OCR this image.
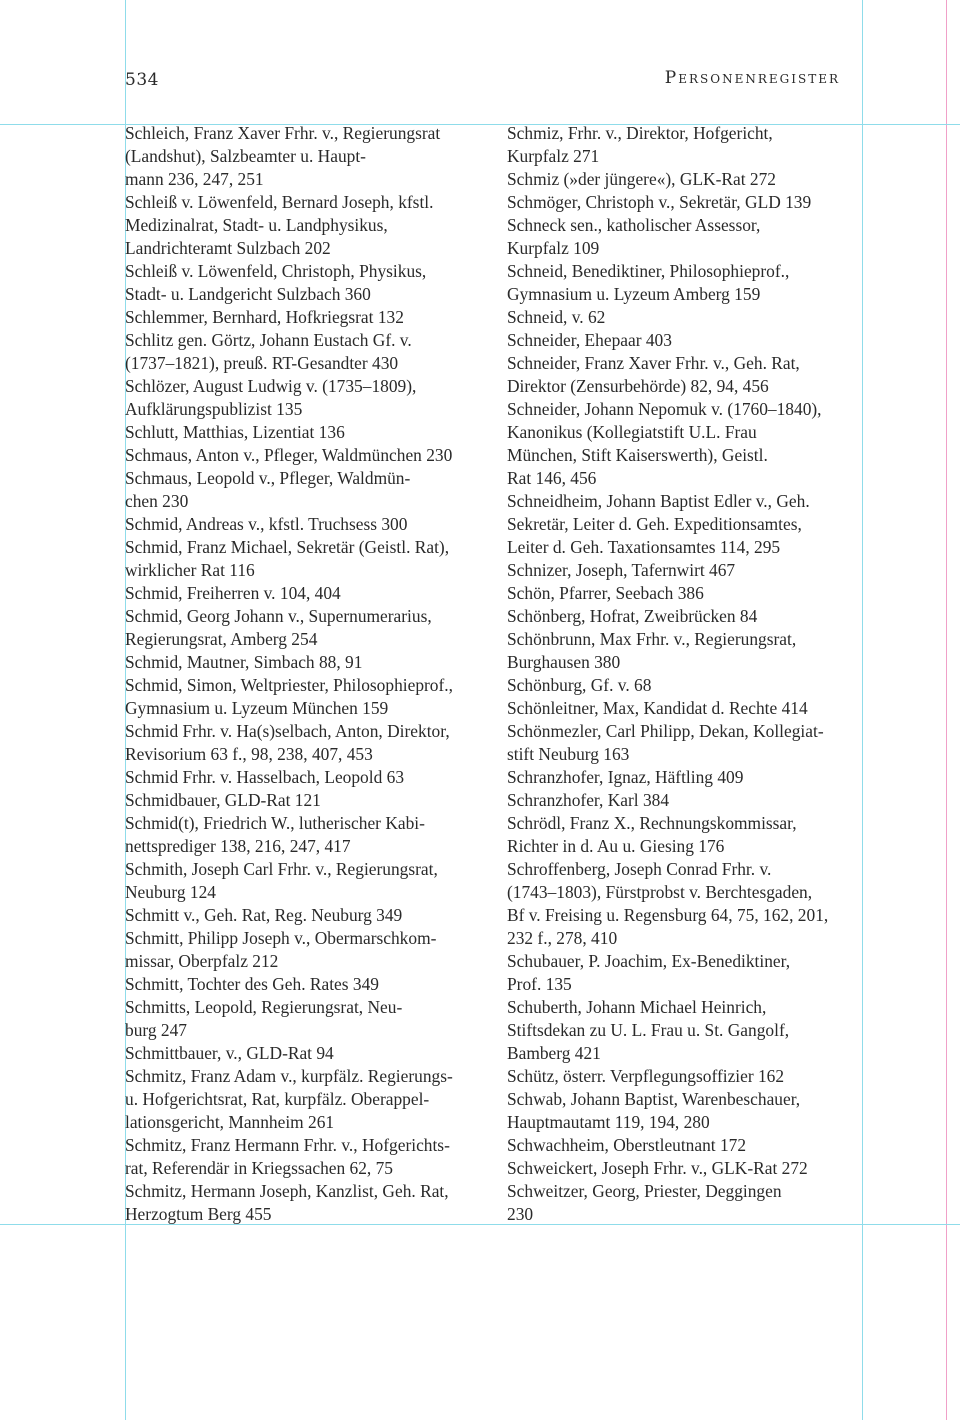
534	Personenregister
Schleich, Franz Xaver Frhr. v., Regierungsrat
(Landshut), Salzbeamter u. Haupt-
mann 236, 247, 251
Schleiß v. Löwenfeld, Bernard Joseph, kfstl.
Medizinalrat, Stadt- u. Landphysikus,
Landrichteramt Sulzbach 202
Schleiß v. Löwenfeld, Christoph, Physikus,
Stadt- u. Landgericht Sulzbach 360
Schlemmer, Bernhard, Hofkriegsrat 132
Schlitz gen. Görtz, Johann Eustach Gf. v.
(1737–1821), preuß. RT-Gesandter 430
Schlözer, August Ludwig v. (1735–1809),
Aufklärungspublizist 135
Schlutt, Matthias, Lizentiat 136
Schmaus, Anton v., Pfleger, Waldmünchen 230
Schmaus, Leopold v., Pfleger, Waldmün-
chen 230
Schmid, Andreas v., kfstl. Truchsess 300
Schmid, Franz Michael, Sekretär (Geistl. Rat),
wirklicher Rat 116
Schmid, Freiherren v. 104, 404
Schmid, Georg Johann v., Supernumerarius,
Regierungsrat, Amberg 254
Schmid, Mautner, Simbach 88, 91
Schmid, Simon, Weltpriester, Philosophieprof.,
Gymnasium u. Lyzeum München 159
Schmid Frhr. v. Ha(s)selbach, Anton, Direktor,
Revisorium 63 f., 98, 238, 407, 453
Schmid Frhr. v. Hasselbach, Leopold 63
Schmidbauer, GLD-Rat 121
Schmid(t), Friedrich W., lutherischer Kabi-
nettsprediger 138, 216, 247, 417
Schmith, Joseph Carl Frhr. v., Regierungsrat,
Neuburg 124
Schmitt v., Geh. Rat, Reg. Neuburg 349
Schmitt, Philipp Joseph v., Obermarschkom-
missar, Oberpfalz 212
Schmitt, Tochter des Geh. Rates 349
Schmitts, Leopold, Regierungsrat, Neu-
burg 247
Schmittbauer, v., GLD-Rat 94
Schmitz, Franz Adam v., kurpfälz. Regierungs-
u. Hofgerichtsrat, Rat, kurpfälz. Oberappel-
lationsgericht, Mannheim 261
Schmitz, Franz Hermann Frhr. v., Hofgerichts-
rat, Referendär in Kriegssachen 62, 75
Schmitz, Hermann Joseph, Kanzlist, Geh. Rat,
Herzogtum Berg 455
Schmiz, Frhr. v., Direktor, Hofgericht,
Kurpfalz 271
Schmiz (»der jüngere«), GLK-Rat 272
Schmöger, Christoph v., Sekretär, GLD 139
Schneck sen., katholischer Assessor,
Kurpfalz 109
Schneid, Benediktiner, Philosophieprof.,
Gymnasium u. Lyzeum Amberg 159
Schneid, v. 62
Schneider, Ehepaar 403
Schneider, Franz Xaver Frhr. v., Geh. Rat,
Direktor (Zensurbehörde) 82, 94, 456
Schneider, Johann Nepomuk v. (1760–1840),
Kanonikus (Kollegiatstift U.L. Frau
München, Stift Kaiserswerth), Geistl.
Rat 146, 456
Schneidheim, Johann Baptist Edler v., Geh.
Sekretär, Leiter d. Geh. Expeditionsamtes,
Leiter d. Geh. Taxationsamtes 114, 295
Schnizer, Joseph, Tafernwirt 467
Schön, Pfarrer, Seebach 386
Schönberg, Hofrat, Zweibrücken 84
Schönbrunn, Max Frhr. v., Regierungsrat,
Burghausen 380
Schönburg, Gf. v. 68
Schönleitner, Max, Kandidat d. Rechte 414
Schönmezler, Carl Philipp, Dekan, Kollegiat-
stift Neuburg 163
Schranzhofer, Ignaz, Häftling 409
Schranzhofer, Karl 384
Schrödl, Franz X., Rechnungskommissar,
Richter in d. Au u. Giesing 176
Schroffenberg, Joseph Conrad Frhr. v.
(1743–1803), Fürstprobst v. Berchtesgaden,
Bf v. Freising u. Regensburg 64, 75, 162, 201,
232 f., 278, 410
Schubauer, P. Joachim, Ex-Benediktiner,
Prof. 135
Schuberth, Johann Michael Heinrich,
Stiftsdekan zu U. L. Frau u. St. Gangolf,
Bamberg 421
Schütz, österr. Verpflegungsoffizier 162
Schwab, Johann Baptist, Warenbeschauer,
Hauptmautamt 119, 194, 280
Schwachheim, Oberstleutnant 172
Schweickert, Joseph Frhr. v., GLK-Rat 272
Schweitzer, Georg, Priester, Deggingen
230
